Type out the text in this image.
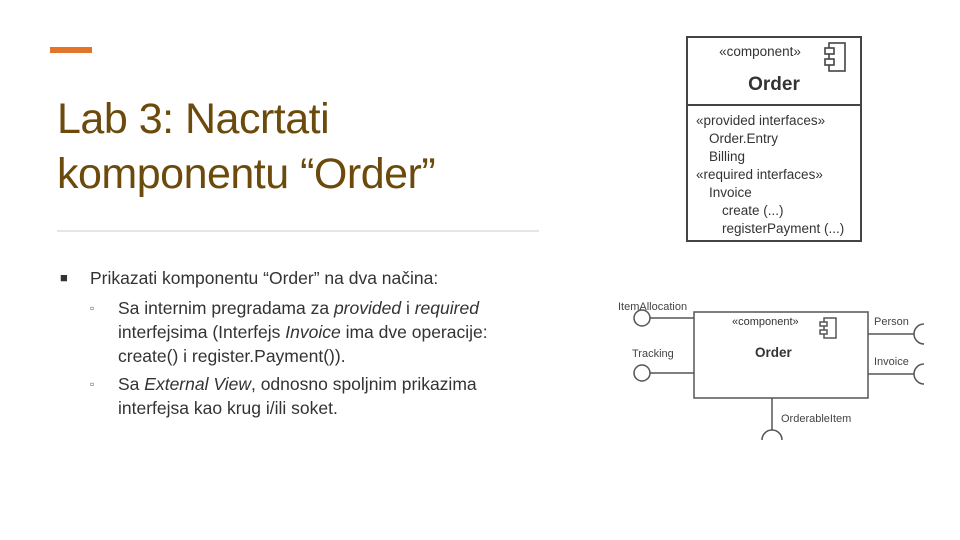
Lab 3: Nacrtati
komponentu “Order”
■ Prikazati komponentu “Order” na dva načina:
▫ Sa internim pregradama za provided i required interfejsima (Interfejs Invoice ima dve operacije: create() i register.Payment()).
▫ Sa External View, odnosno spoljnim prikazima interfejsa kao krug i/ili soket.
«component»
Order
«provided interfaces»
Order.Entry
Billing
«required interfaces»
Invoice
create (...)
registerPayment (...)
«component»
Order
ItemAllocation
Tracking
Person
Invoice
OrderableItem
